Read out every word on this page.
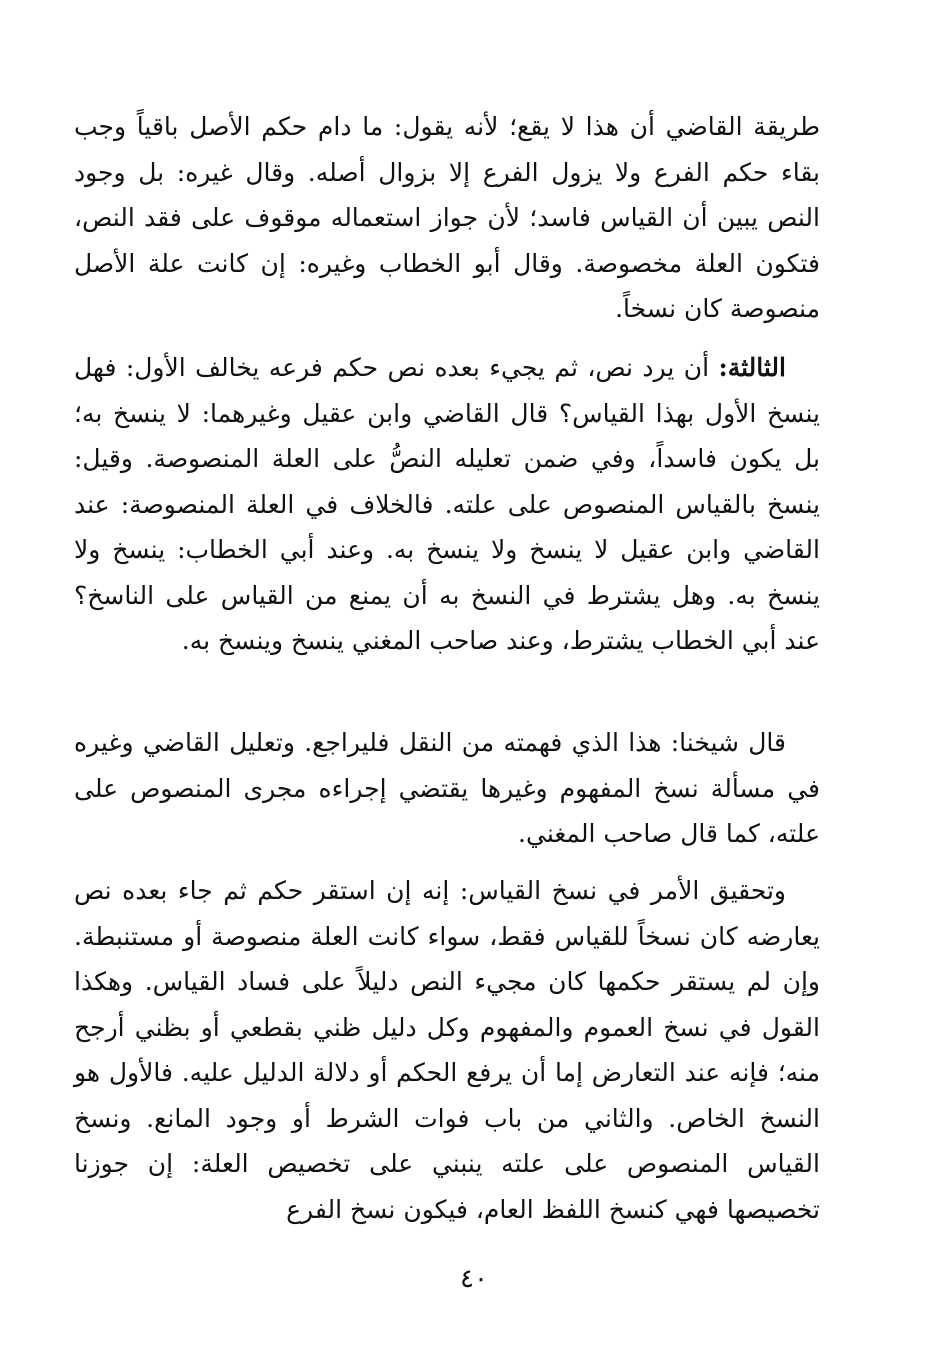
طريقة القاضي أن هذا لا يقع؛ لأنه يقول: ما دام حكم الأصل باقياً وجب بقاء حكم الفرع ولا يزول الفرع إلا بزوال أصله. وقال غيره: بل وجود النص يبين أن القياس فاسد؛ لأن جواز استعماله موقوف على فقد النص، فتكون العلة مخصوصة. وقال أبو الخطاب وغيره: إن كانت علة الأصل منصوصة كان نسخاً.

الثالثة: أن يرد نص، ثم يجيء بعده نص حكم فرعه يخالف الأول: فهل ينسخ الأول بهذا القياس؟ قال القاضي وابن عقيل وغيرهما: لا ينسخ به؛ بل يكون فاسداً، وفي ضمن تعليله النصُّ على العلة المنصوصة. وقيل: ينسخ بالقياس المنصوص على علته. فالخلاف في العلة المنصوصة: عند القاضي وابن عقيل لا ينسخ ولا ينسخ به. وعند أبي الخطاب: ينسخ ولا ينسخ به. وهل يشترط في النسخ به أن يمنع من القياس على الناسخ؟ عند أبي الخطاب يشترط، وعند صاحب المغني ينسخ وينسخ به.

قال شيخنا: هذا الذي فهمته من النقل فليراجع. وتعليل القاضي وغيره في مسألة نسخ المفهوم وغيرها يقتضي إجراءه مجرى المنصوص على علته، كما قال صاحب المغني.

وتحقيق الأمر في نسخ القياس: إنه إن استقر حكم ثم جاء بعده نص يعارضه كان نسخاً للقياس فقط، سواء كانت العلة منصوصة أو مستنبطة. وإن لم يستقر حكمها كان مجيء النص دليلاً على فساد القياس. وهكذا القول في نسخ العموم والمفهوم وكل دليل ظني بقطعي أو بظني أرجح منه؛ فإنه عند التعارض إما أن يرفع الحكم أو دلالة الدليل عليه. فالأول هو النسخ الخاص. والثاني من باب فوات الشرط أو وجود المانع. ونسخ القياس المنصوص على علته ينبني على تخصيص العلة: إن جوزنا تخصيصها فهي كنسخ اللفظ العام، فيكون نسخ الفرع

٤٠
